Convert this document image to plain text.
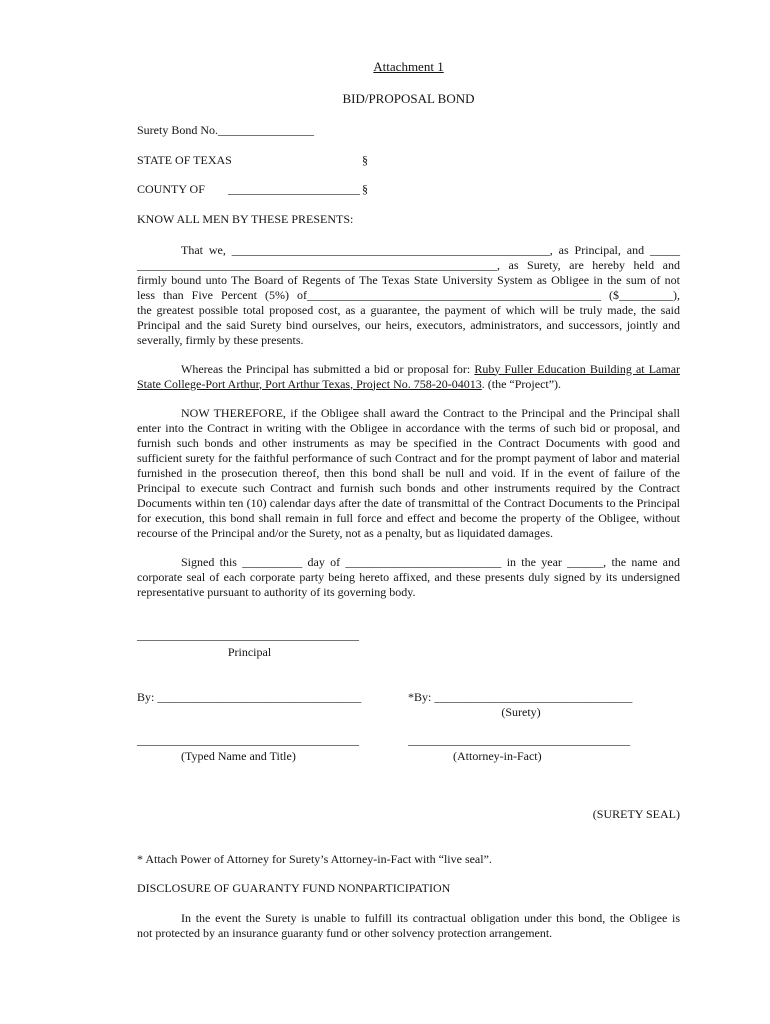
Attachment 1
BID/PROPOSAL BOND
Surety Bond No.________________
STATE OF TEXAS	§
COUNTY OF ______________________ §
KNOW ALL MEN BY THESE PRESENTS:
That we, _____________________________________________________, as Principal, and _____
____________________________________________________________, as Surety, are hereby held and
firmly bound unto The Board of Regents of The Texas State University System as Obligee in the sum of not
less than Five Percent (5%) of_________________________________________________ ($_________),
the greatest possible total proposed cost, as a guarantee, the payment of which will be truly made, the said
Principal and the said Surety bind ourselves, our heirs, executors, administrators, and successors, jointly and
severally, firmly by these presents.
Whereas the Principal has submitted a bid or proposal for: Ruby Fuller Education Building at Lamar
State College-Port Arthur, Port Arthur Texas, Project No. 758-20-04013. (the “Project”).
NOW THEREFORE, if the Obligee shall award the Contract to the Principal and the Principal shall
enter into the Contract in writing with the Obligee in accordance with the terms of such bid or proposal, and
furnish such bonds and other instruments as may be specified in the Contract Documents with good and
sufficient surety for the faithful performance of such Contract and for the prompt payment of labor and material
furnished in the prosecution thereof, then this bond shall be null and void. If in the event of failure of the
Principal to execute such Contract and furnish such bonds and other instruments required by the Contract
Documents within ten (10) calendar days after the date of transmittal of the Contract Documents to the Principal
for execution, this bond shall remain in full force and effect and become the property of the Obligee, without
recourse of the Principal and/or the Surety, not as a penalty, but as liquidated damages.
Signed this __________ day of __________________________ in the year ______, the name and
corporate seal of each corporate party being hereto affixed, and these presents duly signed by its undersigned
representative pursuant to authority of its governing body.
_____________________________________
Principal
By: __________________________________	*By: _________________________________
(Surety)
_____________________________________	_____________________________________
(Typed Name and Title)	(Attorney-in-Fact)
(SURETY SEAL)
* Attach Power of Attorney for Surety’s Attorney-in-Fact with “live seal”.
DISCLOSURE OF GUARANTY FUND NONPARTICIPATION
In the event the Surety is unable to fulfill its contractual obligation under this bond, the Obligee is
not protected by an insurance guaranty fund or other solvency protection arrangement.
